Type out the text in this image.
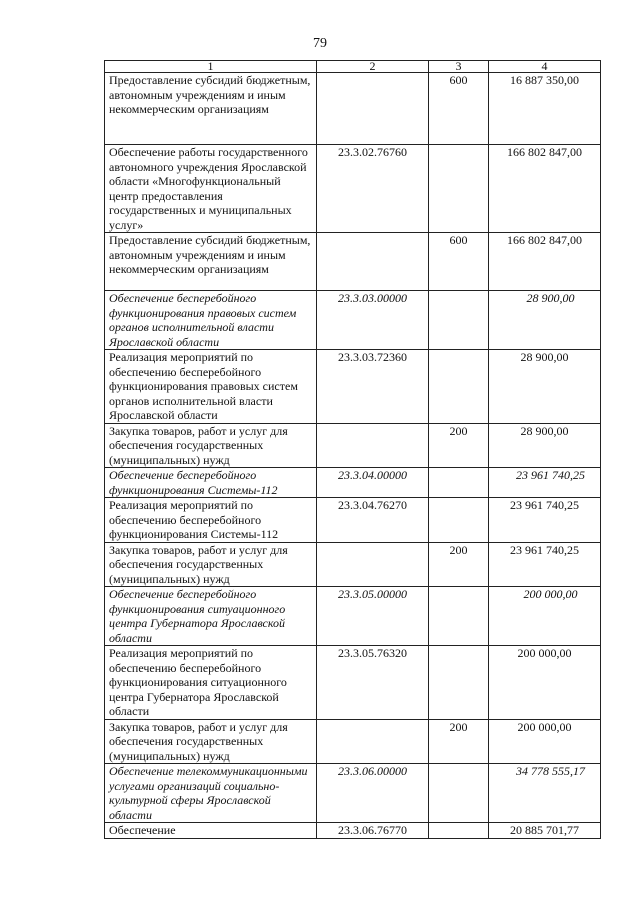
79
1	2	3	4
Предоставление субсидий бюджетным, автономным учреждениям и иным некоммерческим организациям		600	16 887 350,00
Обеспечение работы государственного автономного учреждения Ярославской области «Многофункциональный центр предоставления государственных и муниципальных услуг»	23.3.02.76760		166 802 847,00
Предоставление субсидий бюджетным, автономным учреждениям и иным некоммерческим организациям		600	166 802 847,00
Обеспечение бесперебойного функционирования правовых систем органов исполнительной власти Ярославской области	23.3.03.00000		28 900,00
Реализация мероприятий по обеспечению бесперебойного функционирования правовых систем органов исполнительной власти Ярославской области	23.3.03.72360		28 900,00
Закупка товаров, работ и услуг для обеспечения государственных (муниципальных) нужд		200	28 900,00
Обеспечение бесперебойного функционирования Системы-112	23.3.04.00000		23 961 740,25
Реализация мероприятий по обеспечению бесперебойного функционирования Системы-112	23.3.04.76270		23 961 740,25
Закупка товаров, работ и услуг для обеспечения государственных (муниципальных) нужд		200	23 961 740,25
Обеспечение бесперебойного функционирования ситуационного центра Губернатора Ярославской области	23.3.05.00000		200 000,00
Реализация мероприятий по обеспечению бесперебойного функционирования ситуационного центра Губернатора Ярославской области	23.3.05.76320		200 000,00
Закупка товаров, работ и услуг для обеспечения государственных (муниципальных) нужд		200	200 000,00
Обеспечение телекоммуникационными услугами организаций социально-культурной сферы Ярославской области	23.3.06.00000		34 778 555,17
Обеспечение	23.3.06.76770		20 885 701,77
